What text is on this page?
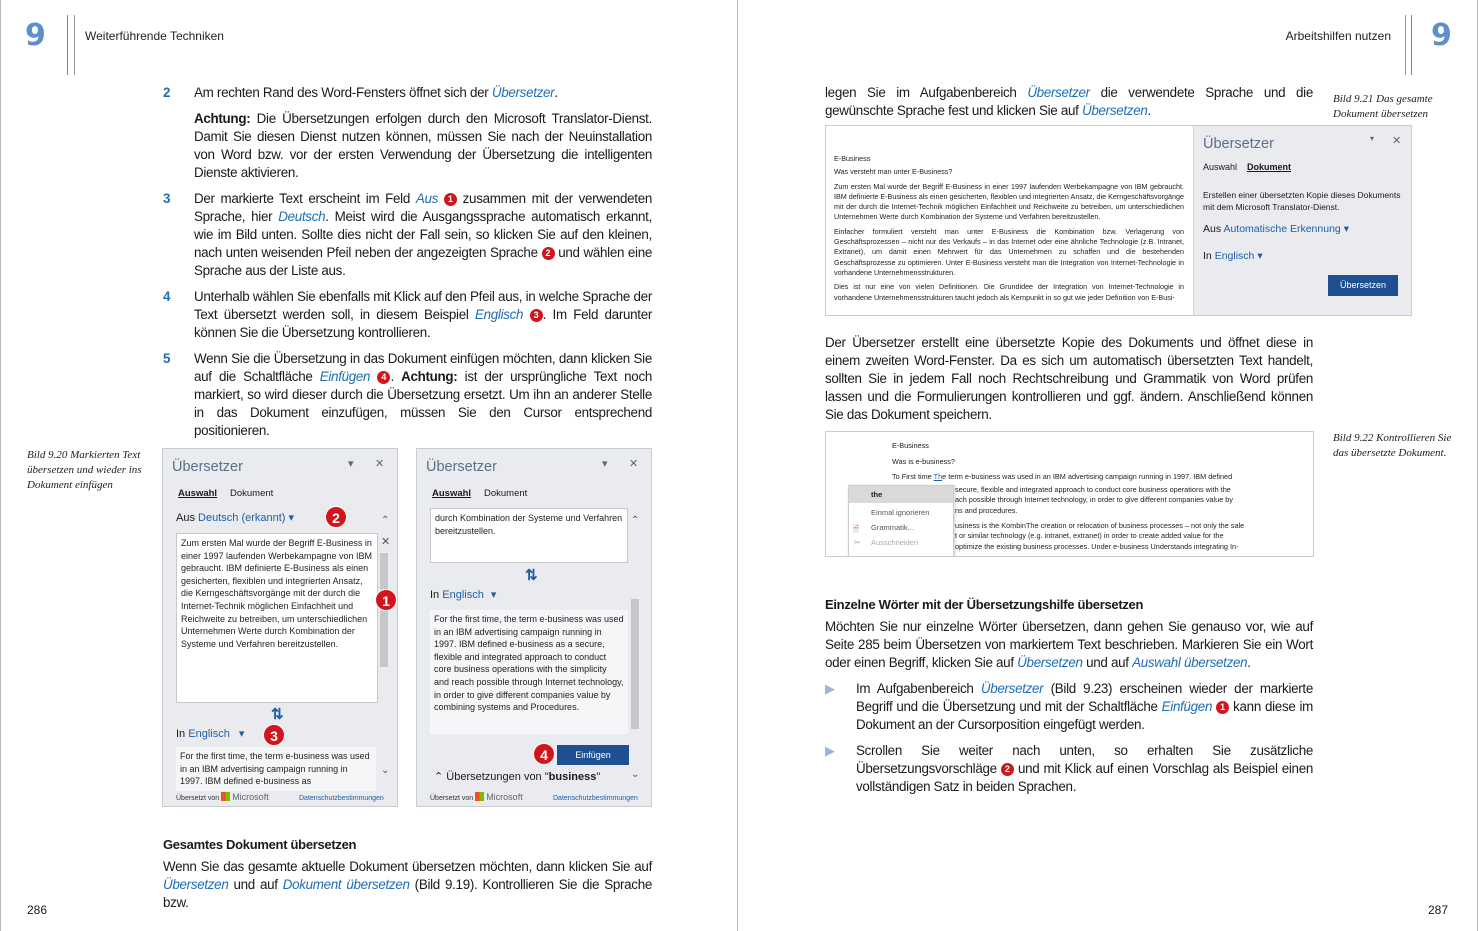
9	Weiterführende Techniken
2 Am rechten Rand des Word-Fensters öffnet sich der Übersetzer.

Achtung: Die Übersetzungen erfolgen durch den Microsoft Translator-Dienst. Damit Sie diesen Dienst nutzen können, müssen Sie nach der Neuinstallation von Word bzw. vor der ersten Verwendung der Übersetzung die intelligenten Dienste aktivieren.

3 Der markierte Text erscheint im Feld Aus 1 zusammen mit der verwendeten Sprache, hier Deutsch. Meist wird die Ausgangssprache automatisch erkannt, wie im Bild unten. Sollte dies nicht der Fall sein, so klicken Sie auf den kleinen, nach unten weisenden Pfeil neben der angezeigten Sprache 2 und wählen eine Sprache aus der Liste aus.

4 Unterhalb wählen Sie ebenfalls mit Klick auf den Pfeil aus, in welche Sprache der Text übersetzt werden soll, in diesem Beispiel Englisch 3 . Im Feld darunter können Sie die Übersetzung kontrollieren.

5 Wenn Sie die Übersetzung in das Dokument einfügen möchten, dann klicken Sie auf die Schaltfläche Einfügen 4 . Achtung: ist der ursprüngliche Text noch markiert, so wird dieser durch die Übersetzung ersetzt. Um ihn an anderer Stelle in das Dokument einzufügen, müssen Sie den Cursor entsprechend positionieren.

Bild 9.20 Markierten Text übersetzen und wieder ins Dokument einfügen
Übersetzer	▾ ✕
Auswahl Dokument
Aus Deutsch (erkannt) ▾	2
Zum ersten Mal wurde der Begriff E-Business in einer 1997 laufenden Werbekampagne von IBM gebraucht. IBM definierte E-Business als einen gesicherten, flexiblen und integrierten Ansatz, die Kerngeschäftsvorgänge mit der durch die Internet-Technik möglichen Einfachheit und Reichweite zu betreiben, um unterschiedlichen Unternehmen Werte durch Kombination der Systeme und Verfahren bereitzustellen.
✕
1
⌃
⇅
In Englisch ▾	3
For the first time, the term e-business was used in an IBM advertising campaign running in 1997. IBM defined e-business as
⌄
Übersetzt von Microsoft	Datenschutzbestimmungen
Übersetzer	▾ ✕
Auswahl Dokument
durch Kombination der Systeme und Verfahren bereitzustellen.
⌃
⇅
In Englisch ▾
For the first time, the term e-business was used in an IBM advertising campaign running in 1997. IBM defined e-business as a secure, flexible and integrated approach to conduct core business operations with the simplicity and reach possible through Internet technology, in order to give different companies value by combining systems and Procedures.
Einfügen
4
⌃ Übersetzungen von "business"	⌄
Übersetzt von Microsoft	Datenschutzbestimmungen
Gesamtes Dokument übersetzen
Wenn Sie das gesamte aktuelle Dokument übersetzen möchten, dann klicken Sie auf Übersetzen und auf Dokument übersetzen (Bild 9.19). Kontrollieren Sie die Sprache bzw.
286
Arbeitshilfen nutzen 9
Bild 9.21 Das gesamte Dokument übersetzen
legen Sie im Aufgabenbereich Übersetzer die verwendete Sprache und die gewünschte Sprache fest und klicken Sie auf Übersetzen.
E-Business
Was versteht man unter E-Business?
Zum ersten Mal wurde der Begriff E-Business in einer 1997 laufenden Werbekampagne von IBM gebraucht. IBM definierte E-Business als einen gesicherten, flexiblen und integrierten Ansatz, die Kerngeschäftsvorgänge mit der durch die Internet-Technik möglichen Einfachheit und Reichweite zu betreiben, um unterschiedlichen Unternehmen Werte durch Kombination der Systeme und Verfahren bereitzustellen.
Einfacher formuliert versteht man unter E-Business die Kombination bzw. Verlagerung von Geschäftsprozessen – nicht nur des Verkaufs – in das Internet oder eine ähnliche Technologie (z.B. Intranet, Extranet), um damit einen Mehrwert für das Unternehmen zu schaffen und die bestehenden Geschäftsprozesse zu optimieren. Unter E-Business versteht man die Integration von Internet-Technologie in vorhandene Unternehmensstrukturen.
Dies ist nur eine von vielen Definitionen. Die Grundidee der Integration von Internet-Technologie in vorhandene Unternehmensstrukturen taucht jedoch als Kernpunkt in so gut wie jeder Definition von E-Busi-
Übersetzer	▾ ✕
Auswahl Dokument
Erstellen einer übersetzten Kopie dieses Dokuments mit dem Microsoft Translator-Dienst.
Aus Automatische Erkennung ▾
In Englisch ▾
Übersetzen
Der Übersetzer erstellt eine übersetzte Kopie des Dokuments und öffnet diese in einem zweiten Word-Fenster. Da es sich um automatisch übersetzten Text handelt, sollten Sie in jedem Fall noch Rechtschreibung und Grammatik von Word prüfen lassen und die Formulierungen kontrollieren und ggf. ändern. Anschließend können Sie das Dokument speichern.
Bild 9.22 Kontrollieren Sie das übersetzte Dokument.
E-Business
Was is e-business?
To First time The term e-business was used in an IBM advertising campaign running in 1997. IBM defined
secure, flexible and integrated approach to conduct core business operations with the
ach possible through Internet technology, in order to give different companies value by
ns and procedures.
usiness is the KombinThe creation or relocation of business processes – not only the sale
t or similar technology (e.g. intranet, extranet) in order to create added value for the
optimize the existing business processes. Under e-business Understands integrating In-
the
Einmal ignorieren
🗎 Grammatik...
✂ Ausschneiden
Einzelne Wörter mit der Übersetzungshilfe übersetzen
Möchten Sie nur einzelne Wörter übersetzen, dann gehen Sie genauso vor, wie auf Seite 285 beim Übersetzen von markiertem Text beschrieben. Markieren Sie ein Wort oder einen Begriff, klicken Sie auf Übersetzen und auf Auswahl übersetzen.
▶ Im Aufgabenbereich Übersetzer (Bild 9.23) erscheinen wieder der markierte Begriff und die Übersetzung und mit der Schaltfläche Einfügen 1 kann diese im Dokument an der Cursorposition eingefügt werden.
▶ Scrollen Sie weiter nach unten, so erhalten Sie zusätzliche Übersetzungsvorschläge 2 und mit Klick auf einen Vorschlag als Beispiel einen vollständigen Satz in beiden Sprachen.
287
